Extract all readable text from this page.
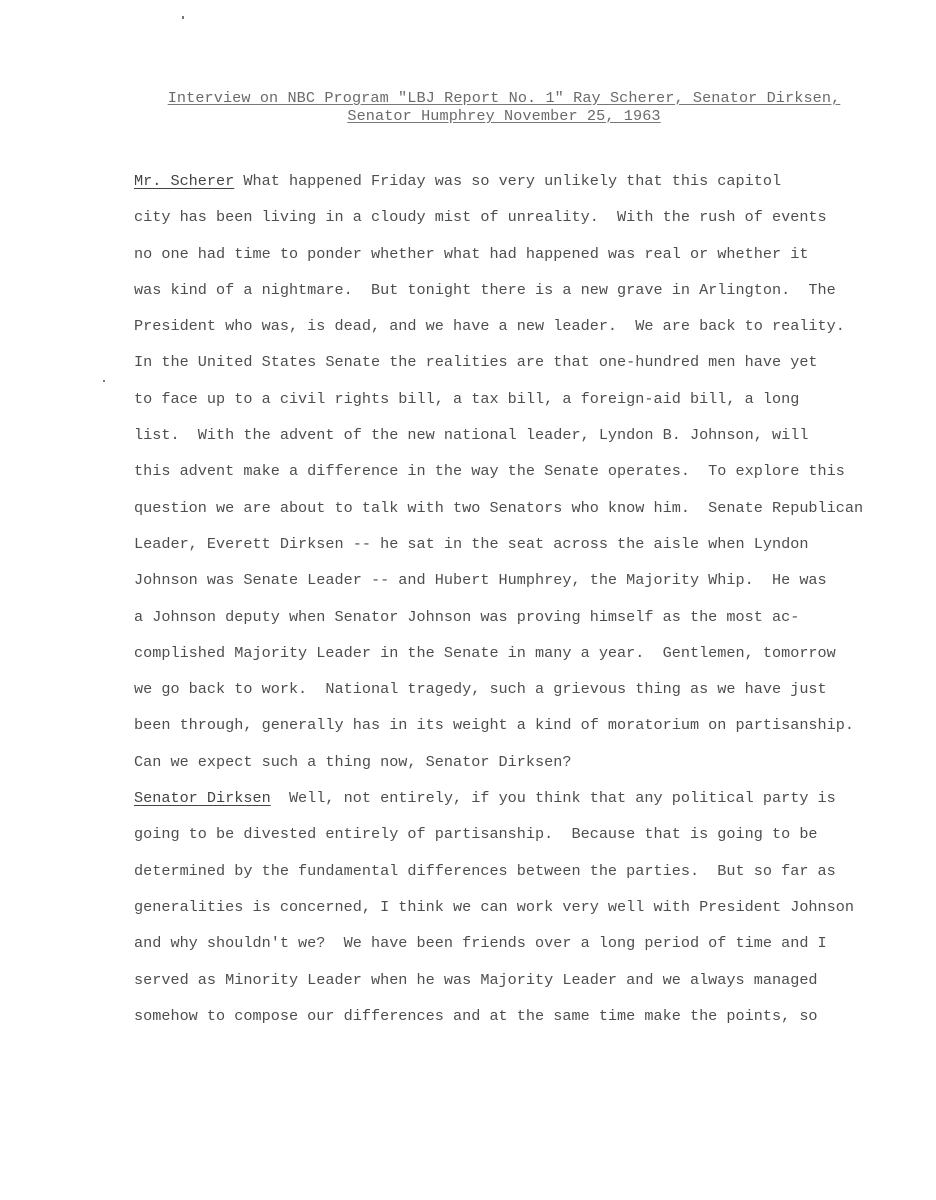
Interview on NBC Program "LBJ Report No. 1" Ray Scherer, Senator Dirksen,
Senator Humphrey November 25, 1963
Mr. Scherer What happened Friday was so very unlikely that this capitol
city has been living in a cloudy mist of unreality.  With the rush of events
no one had time to ponder whether what had happened was real or whether it
was kind of a nightmare.  But tonight there is a new grave in Arlington.  The
President who was, is dead, and we have a new leader.  We are back to reality.
In the United States Senate the realities are that one-hundred men have yet
to face up to a civil rights bill, a tax bill, a foreign-aid bill, a long
list.  With the advent of the new national leader, Lyndon B. Johnson, will
this advent make a difference in the way the Senate operates.  To explore this
question we are about to talk with two Senators who know him.  Senate Republican
Leader, Everett Dirksen -- he sat in the seat across the aisle when Lyndon
Johnson was Senate Leader -- and Hubert Humphrey, the Majority Whip.  He was
a Johnson deputy when Senator Johnson was proving himself as the most ac-
complished Majority Leader in the Senate in many a year.  Gentlemen, tomorrow
we go back to work.  National tragedy, such a grievous thing as we have just
been through, generally has in its weight a kind of moratorium on partisanship.
Can we expect such a thing now, Senator Dirksen?
Senator Dirksen  Well, not entirely, if you think that any political party is
going to be divested entirely of partisanship.  Because that is going to be
determined by the fundamental differences between the parties.  But so far as
generalities is concerned, I think we can work very well with President Johnson
and why shouldn't we?  We have been friends over a long period of time and I
served as Minority Leader when he was Majority Leader and we always managed
somehow to compose our differences and at the same time make the points, so
